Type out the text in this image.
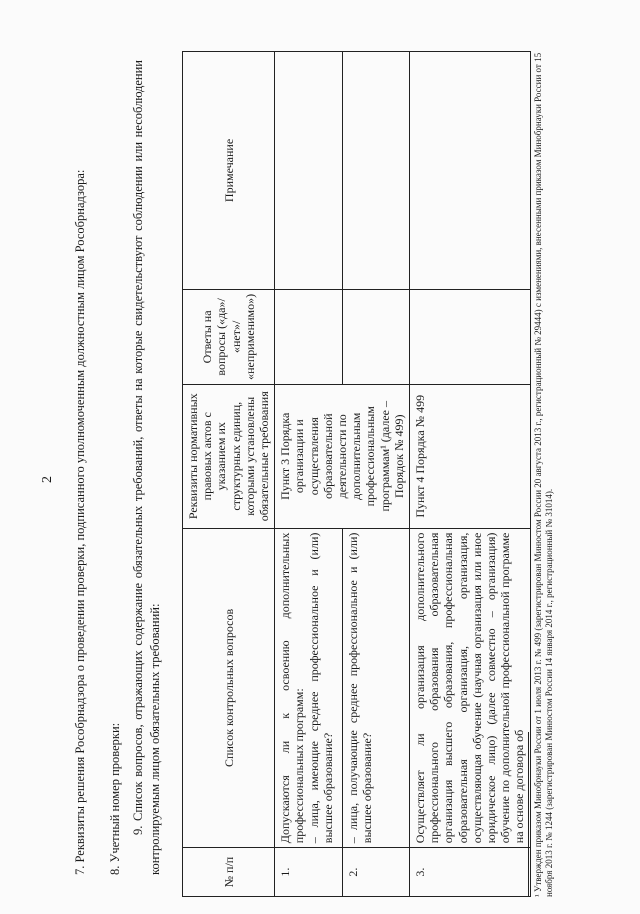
2 7. Реквизиты решения Рособрнадзора о проведении проверки, подписанного уполномоченным должностным лицом Рособрнадзора: 8. Учетный номер проверки: 9. Список вопросов, отражающих содержание обязательных требований, ответы на которые свидетельствуют соблюдении или несоблюдении контролируемым лицом обязательных требований:	№ п/п	Список контрольных вопросов	Реквизиты нормативных правовых актов с указанием их структурных единиц, которыми установлены обязательные требования	Ответы на вопросы («да»/ «нет»/ «неприменимо»)	Примечание
1.	Допускаются ли к освоению дополнительных профессиональных программ:
– лица, имеющие среднее профессиональное и (или) высшее образование?	Пункт 3 Порядка организации и осуществления образовательной деятельности по дополнительным профессиональным программам¹ (далее – Порядок № 499)		
2.	– лица, получающие среднее профессиональное и (или) высшее образование?			
3.	Осуществляет ли организация дополнительного профессионального образования образовательная организация высшего образования, профессиональная образовательная организация, организация, осуществляющая обучение (научная организация или иное юридическое лицо) (далее совместно – организация) обучение по дополнительной профессиональной программе на основе договора об	Пункт 4 Порядка № 499			¹ Утвержден приказом Минобрнауки России от 1 июля 2013 г. № 499 (зарегистрирован Минюстом России 20 августа 2013 г., регистрационный № 29444) с изменениями, внесенными приказом Минобрнауки России от 15 ноября 2013 г. № 1244 (зарегистрирован Минюстом России 14 января 2014 г., регистрационный № 31014).
